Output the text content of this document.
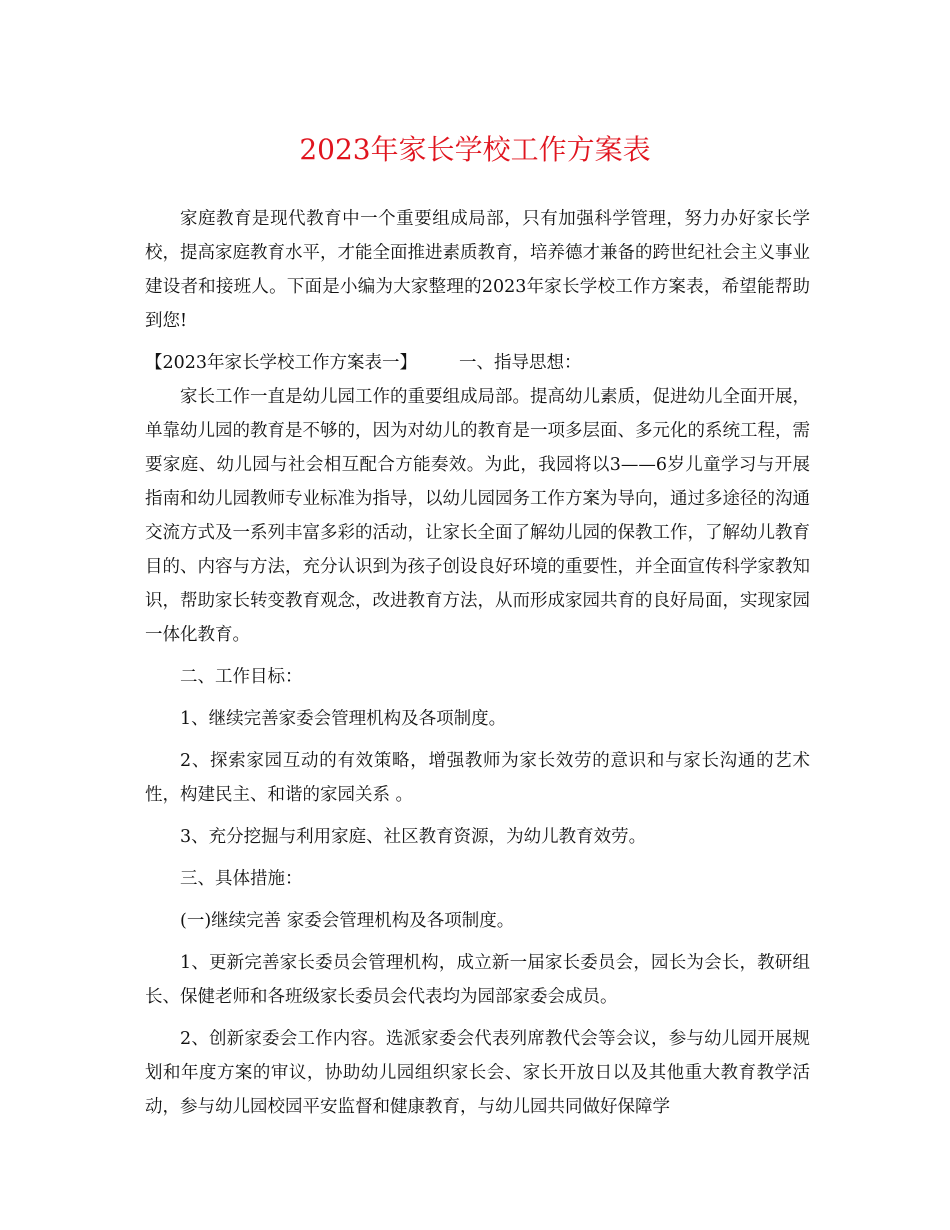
2023年家长学校工作方案表

家庭教育是现代教育中一个重要组成局部，只有加强科学管理，努力办好家长学校，提高家庭教育水平，才能全面推进素质教育，培养德才兼备的跨世纪社会主义事业建设者和接班人。下面是小编为大家整理的2023年家长学校工作方案表，希望能帮助到您!

【2023年家长学校工作方案表一】 一、指导思想：

家长工作一直是幼儿园工作的重要组成局部。提高幼儿素质，促进幼儿全面开展，单靠幼儿园的教育是不够的，因为对幼儿的教育是一项多层面、多元化的系统工程，需要家庭、幼儿园与社会相互配合方能奏效。为此，我园将以3——6岁儿童学习与开展指南和幼儿园教师专业标准为指导，以幼儿园园务工作方案为导向，通过多途径的沟通交流方式及一系列丰富多彩的活动，让家长全面了解幼儿园的保教工作，了解幼儿教育目的、内容与方法，充分认识到为孩子创设良好环境的重要性，并全面宣传科学家教知识，帮助家长转变教育观念，改进教育方法，从而形成家园共育的良好局面，实现家园一体化教育。

二、工作目标：

1、继续完善家委会管理机构及各项制度。

2、探索家园互动的有效策略，增强教师为家长效劳的意识和与家长沟通的艺术性，构建民主、和谐的家园关系 。

3、充分挖掘与利用家庭、社区教育资源，为幼儿教育效劳。

三、具体措施：

(一)继续完善 家委会管理机构及各项制度。

1、更新完善家长委员会管理机构，成立新一届家长委员会，园长为会长，教研组长、保健老师和各班级家长委员会代表均为园部家委会成员。

2、创新家委会工作内容。选派家委会代表列席教代会等会议，参与幼儿园开展规划和年度方案的审议，协助幼儿园组织家长会、家长开放日以及其他重大教育教学活动，参与幼儿园校园平安监督和健康教育，与幼儿园共同做好保障学
